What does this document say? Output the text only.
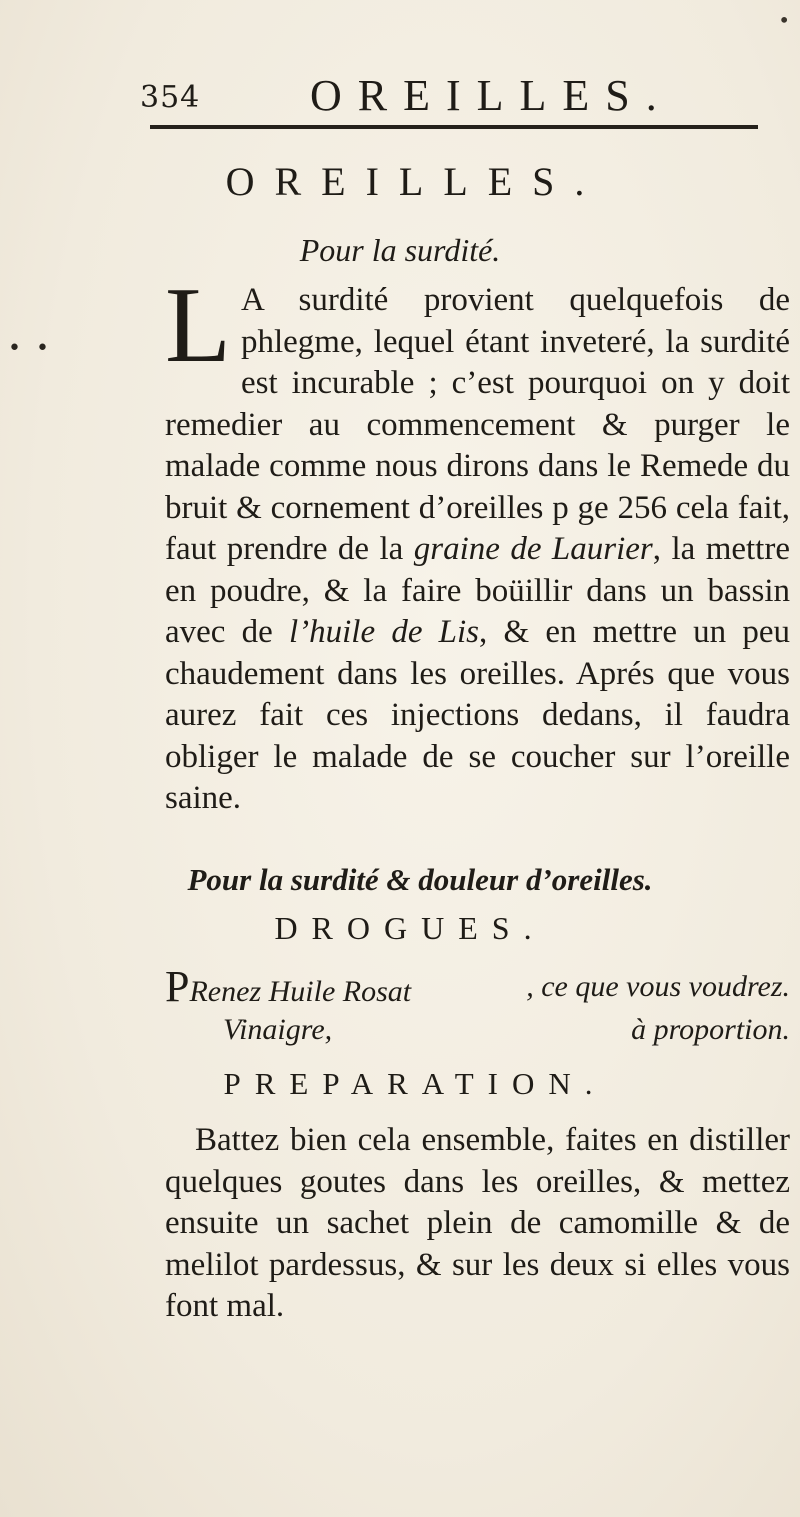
•
• •
354 OREILLES.
OREILLES.
Pour la surdité.
L A surdité provient quelquefois de phlegme, lequel étant inveteré, la surdité est incurable ; c’est pourquoi on y doit remedier au commencement & purger le malade comme nous dirons dans le Remede du bruit & cornement d’oreilles p ge 256 cela fait, faut prendre de la graine de Laurier, la mettre en poudre, & la faire boüillir dans un bassin avec de l’huile de Lis, & en mettre un peu chaudement dans les oreilles. Aprés que vous aurez fait ces injections dedans, il faudra obliger le malade de se coucher sur l’oreille saine.
Pour la surdité & douleur d’oreilles.
DROGUES.
PRenez Huile Rosat	, ce que vous voudrez.
Vinaigre,	à proportion.
PREPARATION.
Battez bien cela ensemble, faites en distiller quelques goutes dans les oreilles, & mettez ensuite un sachet plein de camomille & de melilot pardessus, & sur les deux si elles vous font mal.
